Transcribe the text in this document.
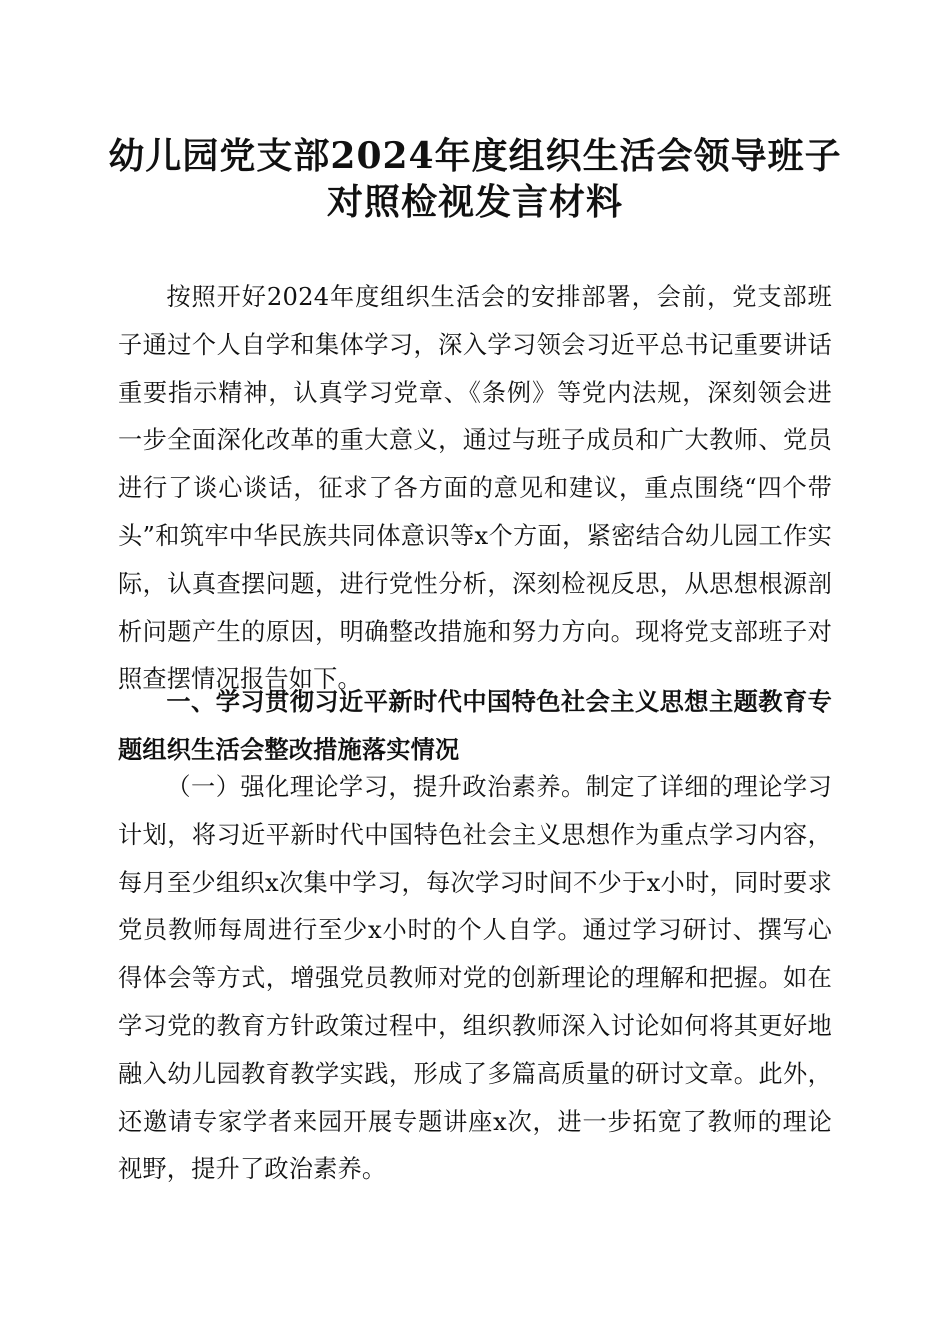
幼儿园党支部2024年度组织生活会领导班子
对照检视发言材料

按照开好2024年度组织生活会的安排部署，会前，党支部班子通过个人自学和集体学习，深入学习领会习近平总书记重要讲话重要指示精神，认真学习党章、《条例》等党内法规，深刻领会进一步全面深化改革的重大意义，通过与班子成员和广大教师、党员进行了谈心谈话，征求了各方面的意见和建议，重点围绕“四个带头”和筑牢中华民族共同体意识等x个方面，紧密结合幼儿园工作实际，认真查摆问题，进行党性分析，深刻检视反思，从思想根源剖析问题产生的原因，明确整改措施和努力方向。现将党支部班子对照查摆情况报告如下。

一、学习贯彻习近平新时代中国特色社会主义思想主题教育专题组织生活会整改措施落实情况

（一）强化理论学习，提升政治素养。制定了详细的理论学习计划，将习近平新时代中国特色社会主义思想作为重点学习内容，每月至少组织x次集中学习，每次学习时间不少于x小时，同时要求党员教师每周进行至少x小时的个人自学。通过学习研讨、撰写心得体会等方式，增强党员教师对党的创新理论的理解和把握。如在学习党的教育方针政策过程中，组织教师深入讨论如何将其更好地融入幼儿园教育教学实践，形成了多篇高质量的研讨文章。此外，还邀请专家学者来园开展专题讲座x次，进一步拓宽了教师的理论视野，提升了政治素养。
